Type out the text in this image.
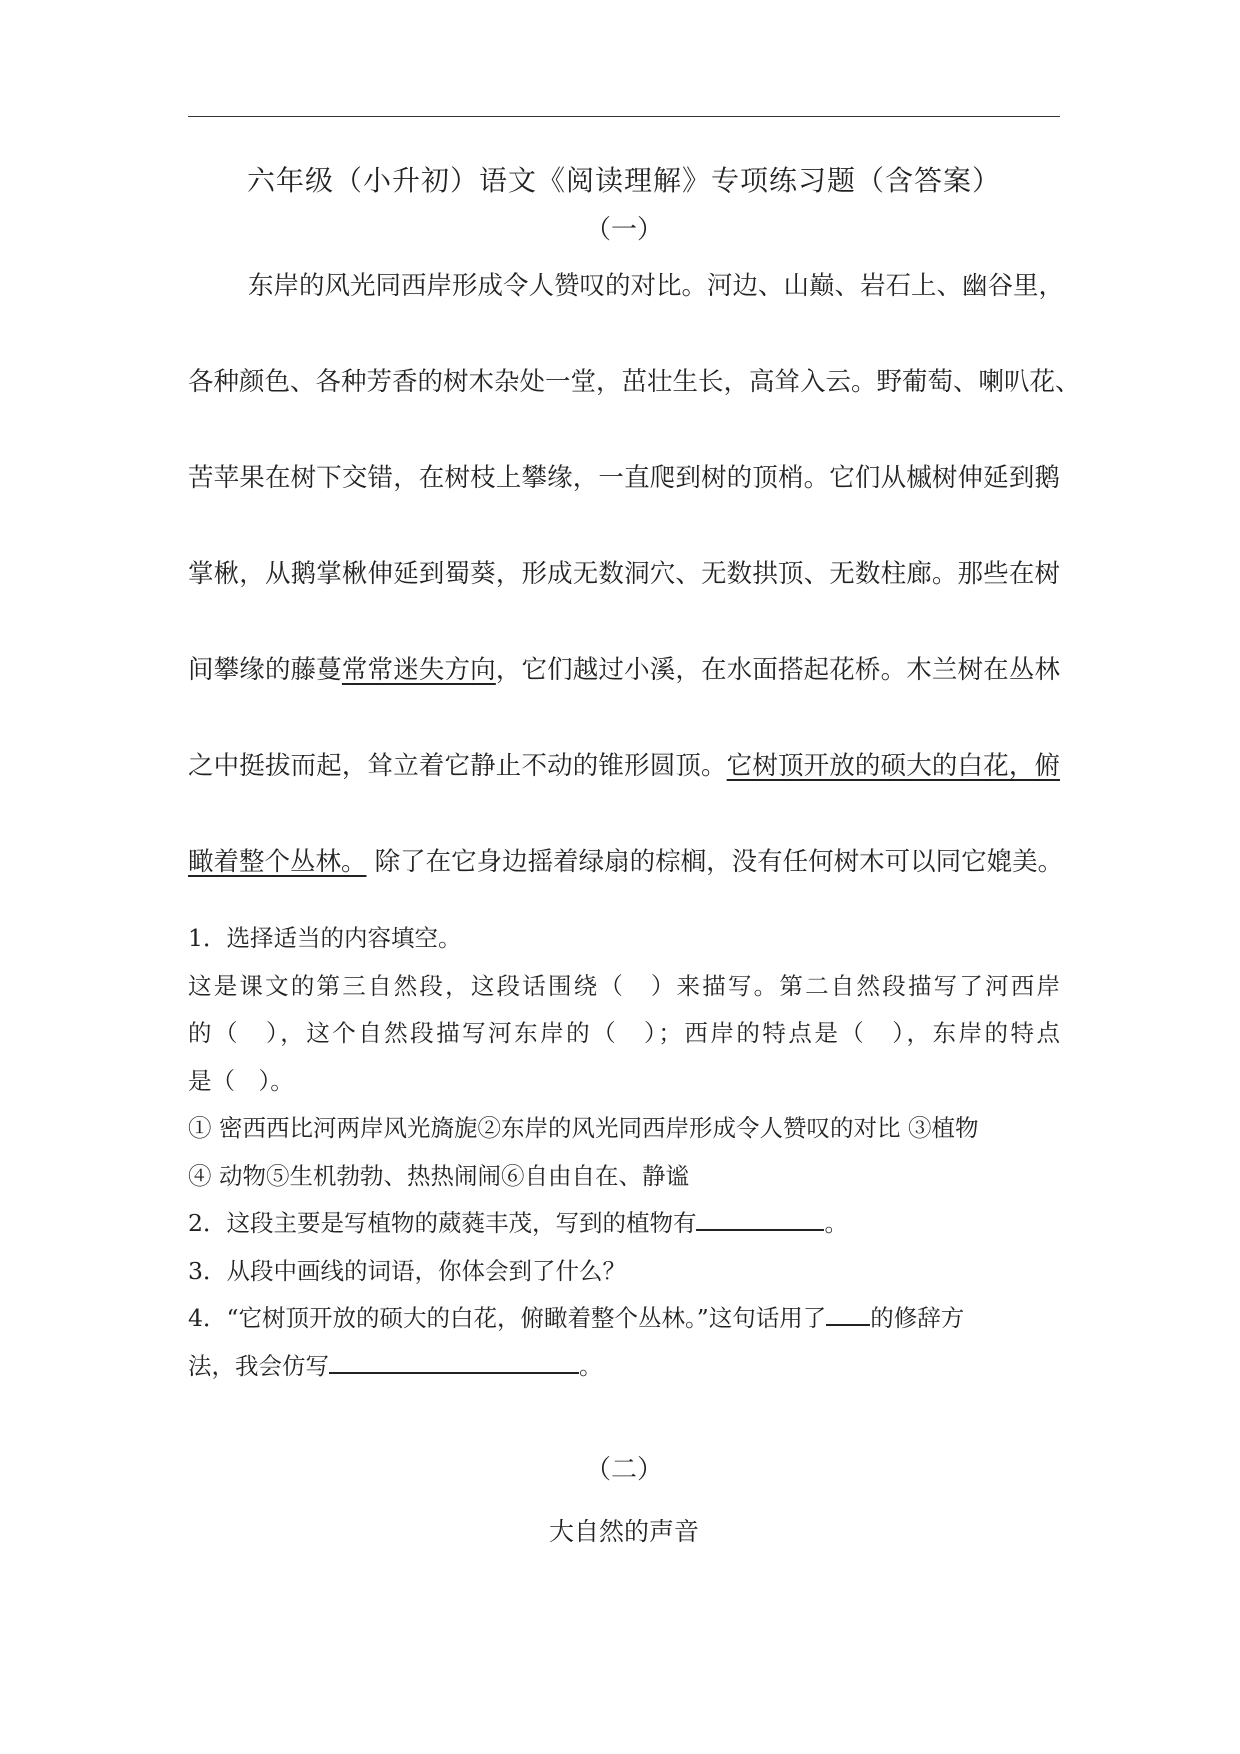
六年级（小升初）语文《阅读理解》专项练习题（含答案）
（一）
东岸的风光同西岸形成令人赞叹的对比。河边、山巅、岩石上、幽谷里，
各种颜色、各种芳香的树木杂处一堂，茁壮生长，高耸入云。野葡萄、喇叭花、
苦苹果在树下交错，在树枝上攀缘，一直爬到树的顶梢。它们从槭树伸延到鹅
掌楸，从鹅掌楸伸延到蜀葵，形成无数洞穴、无数拱顶、无数柱廊。那些在树
间攀缘的藤蔓常常迷失方向，它们越过小溪，在水面搭起花桥。木兰树在丛林
之中挺拔而起，耸立着它静止不动的锥形圆顶。它树顶开放的硕大的白花，俯
瞰着整个丛林。 除了在它身边摇着绿扇的棕榈，没有任何树木可以同它媲美。
1．选择适当的内容填空。
这是课文的第三自然段，这段话围绕（　）来描写。第二自然段描写了河西岸
的（　），这个自然段描写河东岸的（　）；西岸的特点是（　），东岸的特点
是（　）。
① 密西西比河两岸风光旖旎②东岸的风光同西岸形成令人赞叹的对比 ③植物
④ 动物⑤生机勃勃、热热闹闹⑥自由自在、静谧
2．这段主要是写植物的葳蕤丰茂，写到的植物有	。
3．从段中画线的词语，你体会到了什么？
4．“它树顶开放的硕大的白花，俯瞰着整个丛林。”这句话用了 的修辞方
法，我会仿写	。
（二）
大自然的声音
